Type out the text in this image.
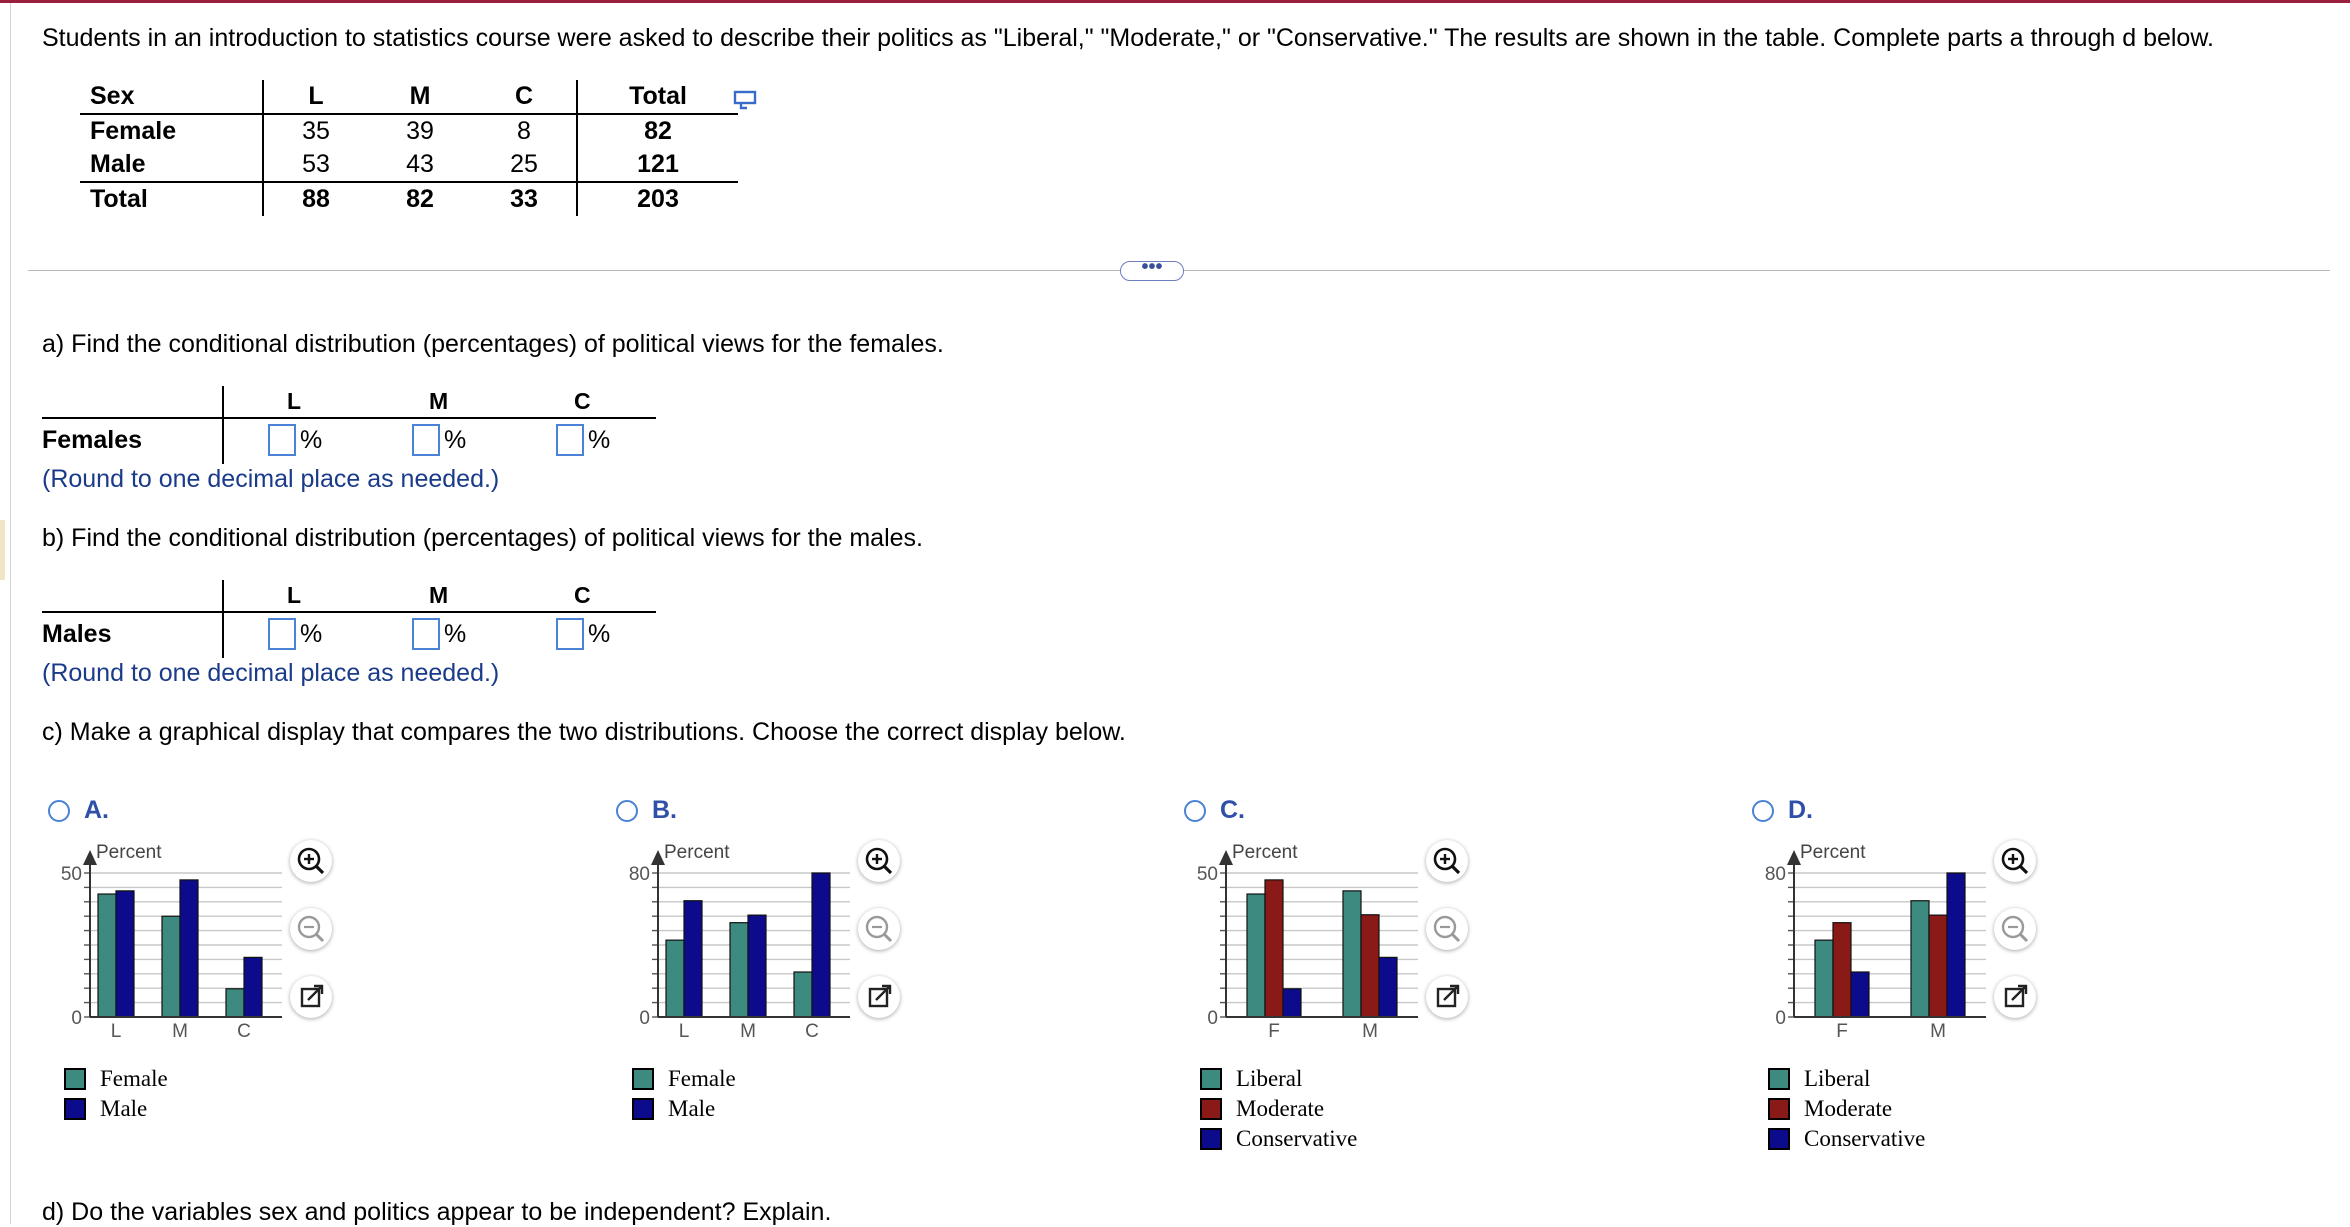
Students in an introduction to statistics course were asked to describe their politics as "Liberal," "Moderate," or "Conservative." The results are shown in the table. Complete parts a through d below.
Sex	L	M	C	Total
Female	35	39	8	82
Male	53	43	25	121
Total	88	82	33	203
•••
a) Find the conditional distribution (percentages) of political views for the females.
L	M	C
Females	%	%	%
(Round to one decimal place as needed.)
b) Find the conditional distribution (percentages) of political views for the males.
L	M	C
Males	%	%	%
(Round to one decimal place as needed.)
c) Make a graphical display that compares the two distributions. Choose the correct display below.
A.
L	M	C
Percent
0
50
Female
Male
B.
L	M	C
Percent
0
80
Female
Male
C.
F	M
Percent
0
50
Liberal
Moderate
Conservative
D.
F	M
Percent
0
80
Liberal
Moderate
Conservative
d) Do the variables sex and politics appear to be independent? Explain.
